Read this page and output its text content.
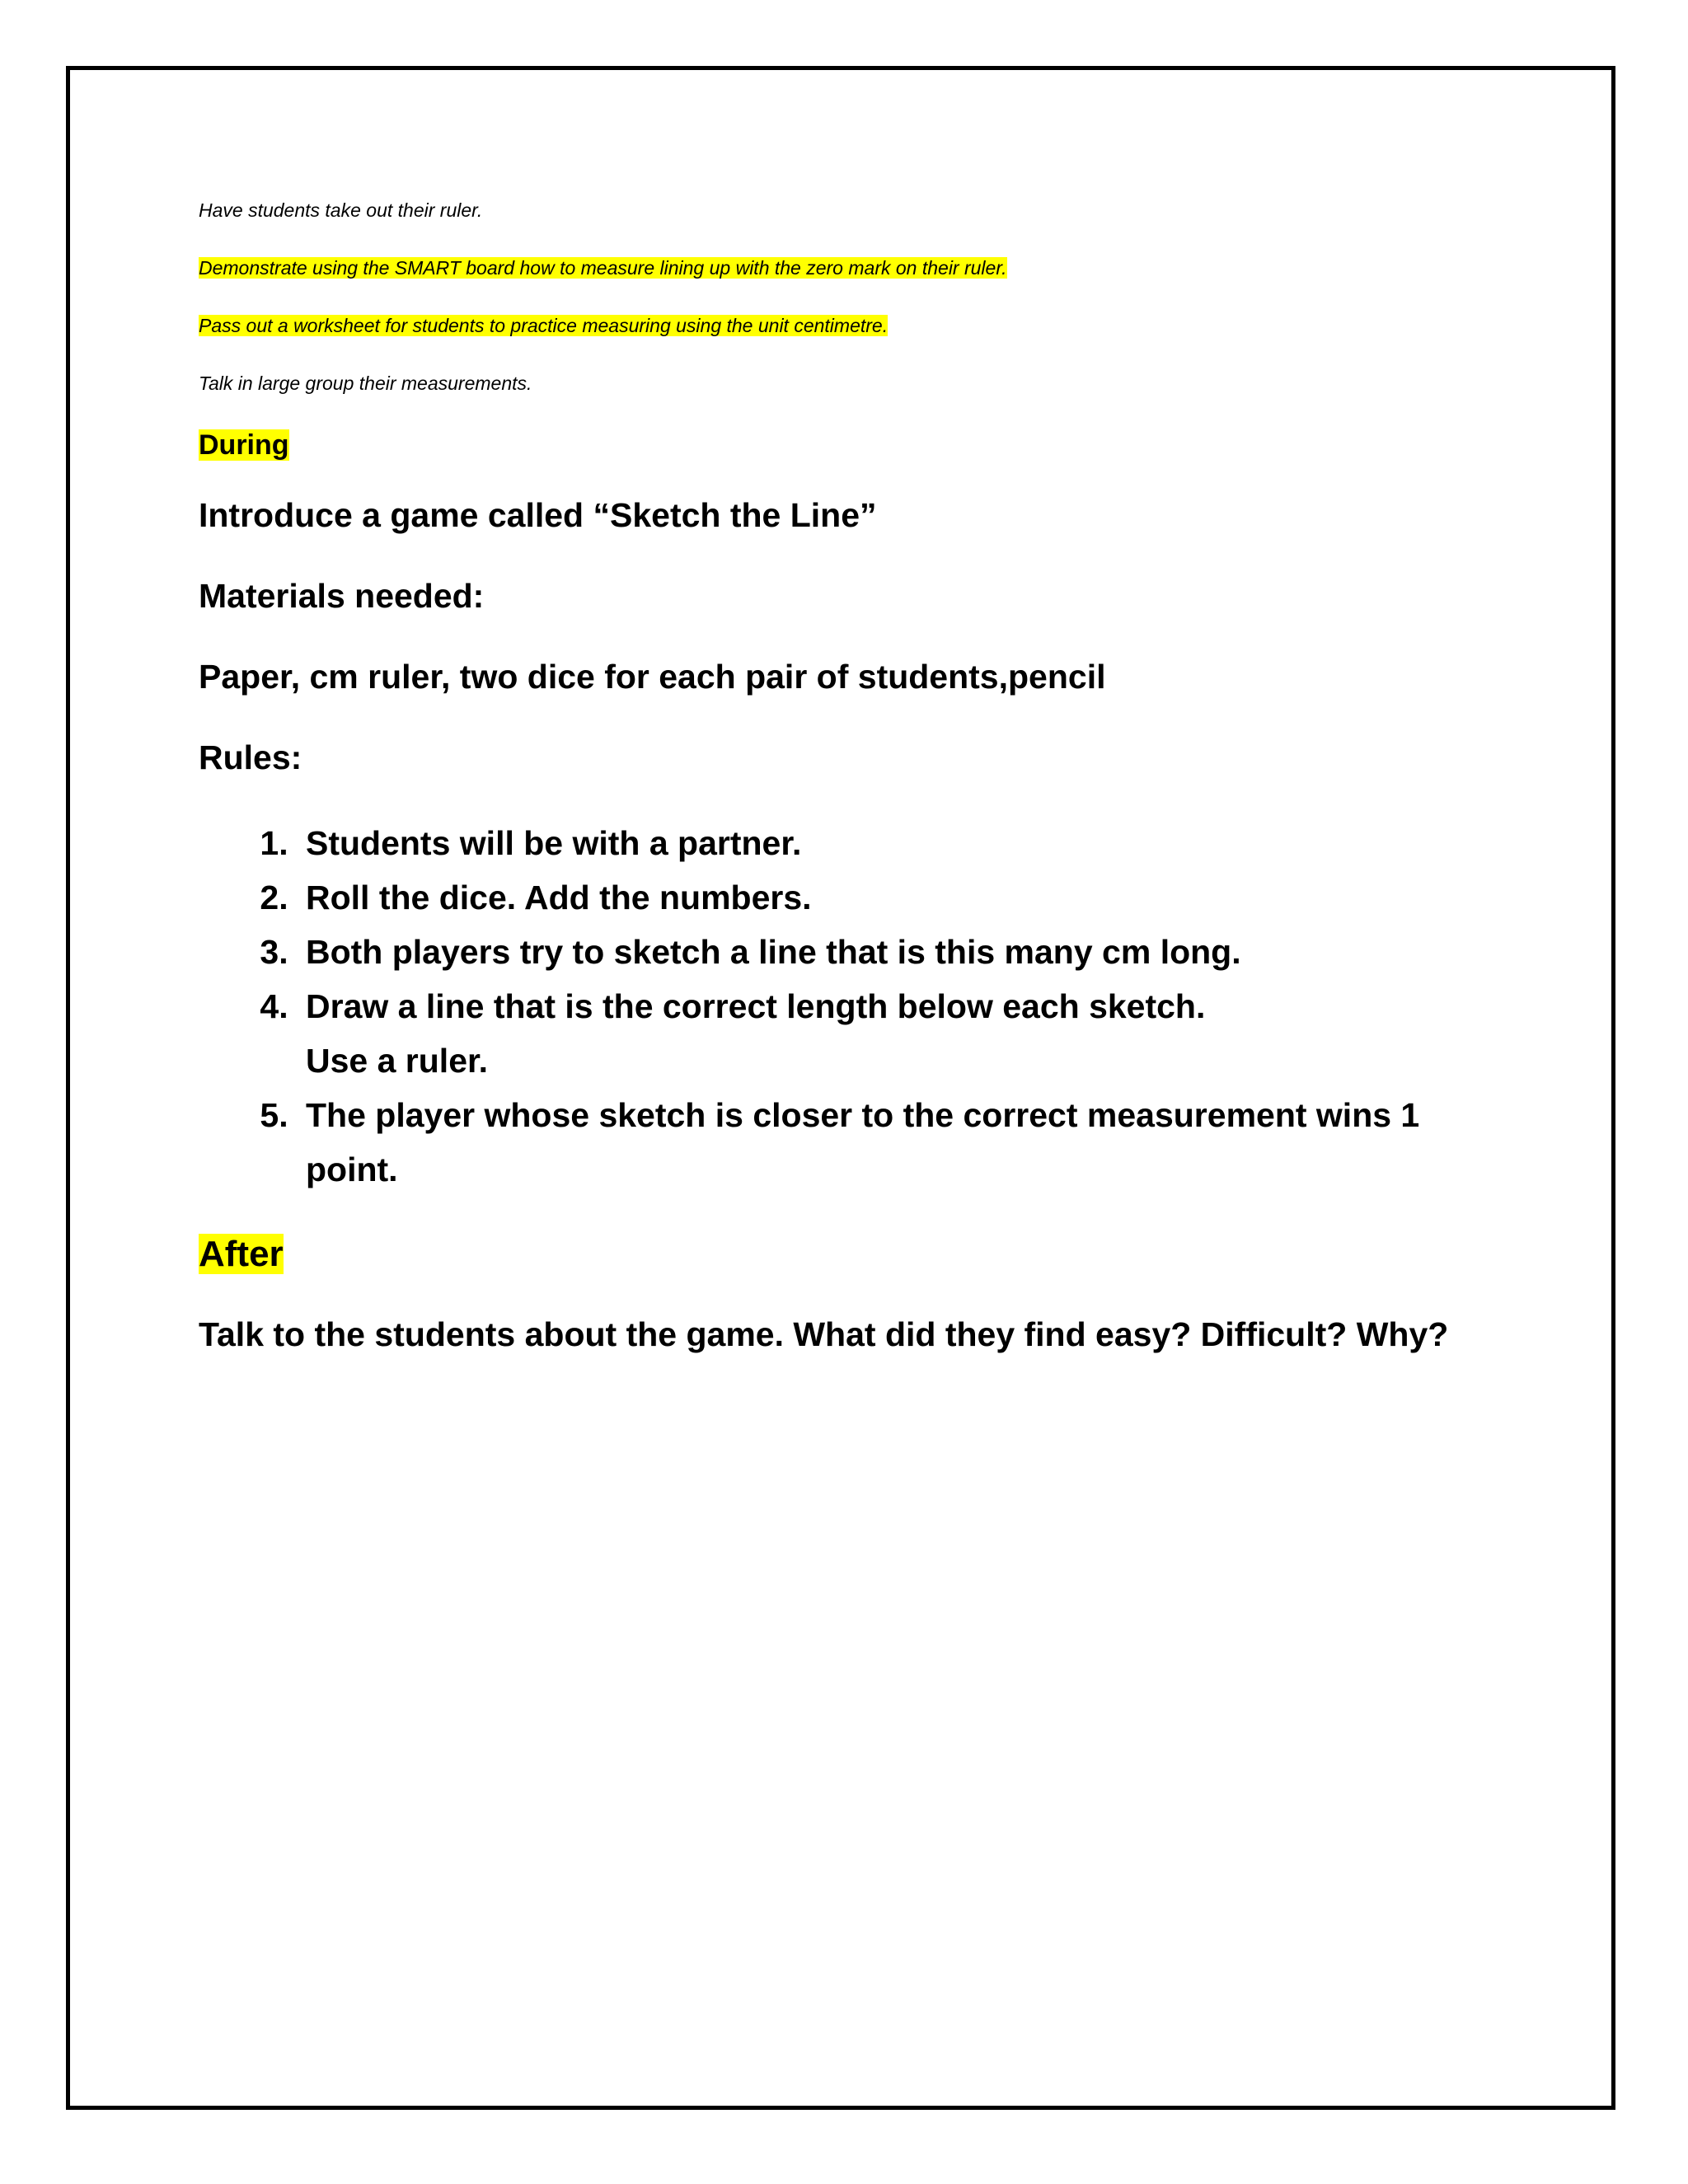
Have students take out their ruler.

Demonstrate using the SMART board how to measure lining up with the zero mark on their ruler.

Pass out a worksheet for students to practice measuring using the unit centimetre.

Talk in large group their measurements.

During

Introduce a game called “Sketch the Line”

Materials needed:

Paper, cm ruler, two dice for each pair of students,pencil

Rules:

1. Students will be with a partner.
2. Roll the dice. Add the numbers.
3. Both players try to sketch a line that is this many cm long.
4. Draw a line that is the correct length below each sketch.
Use a ruler.
5. The player whose sketch is closer to the correct measurement wins 1 point.

After

Talk to the students about the game. What did they find easy? Difficult? Why?
